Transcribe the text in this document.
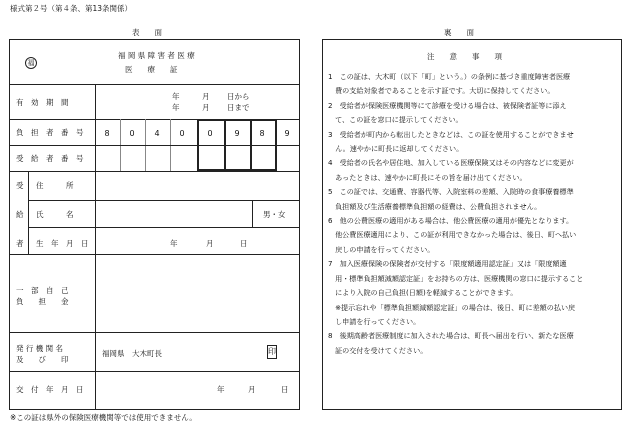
様式第２号（第４条、第13条関係）
表　　面	裏　　面
福
福 岡 県 障 害 者 医 療
医　　療　　証
有　効　期　間
年	月 日から
年	月 日まで
負　担　者　番　号	8	0	4	0	0	9	8	9
受　給　者　番　号
受
給
者
住　　　所
氏　　　名	男・女
生　年　月　日	年	月	日
一　部　自　己
負　　担　　金
発 行 機 関 名
及　　び　　印
福岡県　大木町長	印
交　付　年　月　日	年	月	日
※この証は県外の保険医療機関等では使用できません。
注　　意　　事　　項
1　この証は、大木町（以下「町」という。）の条例に基づき重度障害者医療
　費の支給対象者であることを示す証です。大切に保持してください。
2　受給者が保険医療機関等にて診療を受ける場合は、被保険者証等に添え
　て、この証を窓口に提示してください。
3　受給者が町内から転出したときなどは、この証を使用することができませ
　ん。速やかに町長に返却してください。
4　受給者の氏名や居住地、加入している医療保険又はその内容などに変更が
　あったときは、速やかに町長にその旨を届け出てください。
5　この証では、交通費、容器代等、入院室料の差額、入院時の食事療養標準
　負担額及び生活療養標準負担額の経費は、公費負担されません。
6　他の公費医療の適用がある場合は、他公費医療の適用が優先となります。
　他公費医療適用により、この証が利用できなかった場合は、後日、町へ払い
　戻しの申請を行ってください。
7　加入医療保険の保険者が交付する「限度額適用認定証」又は「限度額適
　用・標準負担額減額認定証」をお持ちの方は、医療機関の窓口に提示すること
　により入院の自己負担(日額)を軽減することができます。
　※提示忘れや「標準負担額減額認定証」の場合は、後日、町に差額の払い戻
　し申請を行ってください。
8　後期高齢者医療制度に加入された場合は、町長へ届出を行い、新たな医療
　証の交付を受けてください。
